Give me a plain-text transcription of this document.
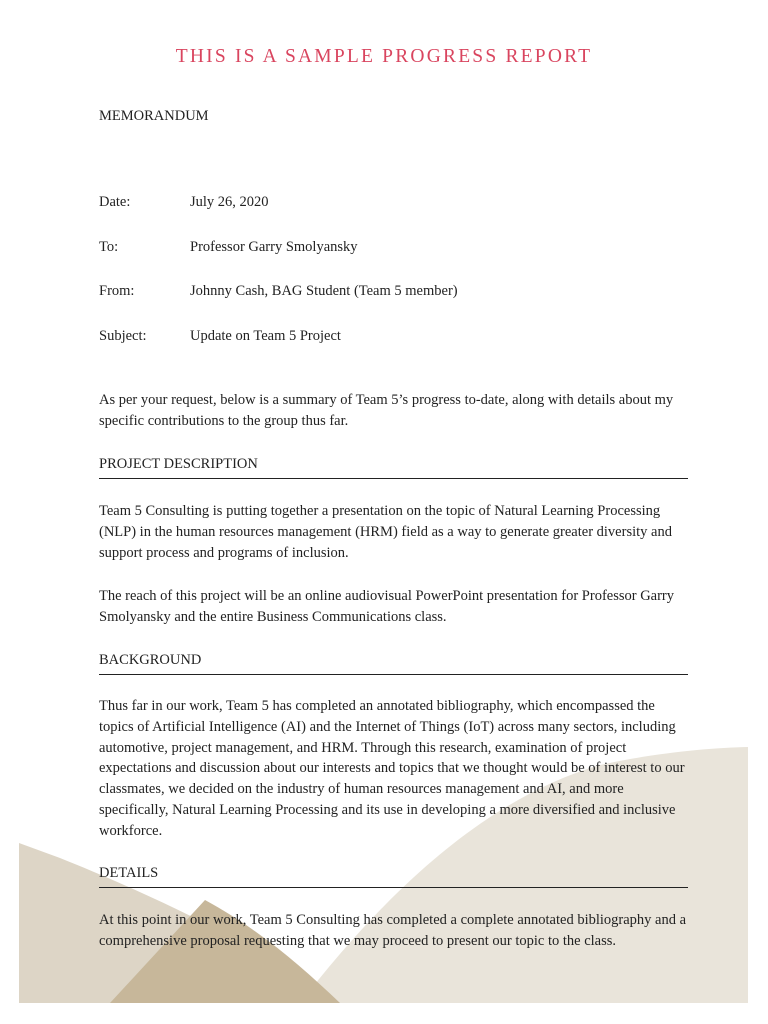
THIS IS A SAMPLE PROGRESS REPORT
MEMORANDUM
Date:	July 26, 2020
To:	Professor Garry Smolyansky
From:	Johnny Cash, BAG Student (Team 5 member)
Subject:	Update on Team 5 Project

As per your request, below is a summary of Team 5’s progress to-date, along with details about my specific contributions to the group thus far.

PROJECT DESCRIPTION

Team 5 Consulting is putting together a presentation on the topic of Natural Learning Processing (NLP) in the human resources management (HRM) field as a way to generate greater diversity and support process and programs of inclusion.

The reach of this project will be an online audiovisual PowerPoint presentation for Professor Garry Smolyansky and the entire Business Communications class.

BACKGROUND

Thus far in our work, Team 5 has completed an annotated bibliography, which encompassed the topics of Artificial Intelligence (AI) and the Internet of Things (IoT) across many sectors, including automotive, project management, and HRM. Through this research, examination of project expectations and discussion about our interests and topics that we thought would be of interest to our classmates, we decided on the industry of human resources management and AI, and more specifically, Natural Learning Processing and its use in developing a more diversified and inclusive workforce.

DETAILS

At this point in our work, Team 5 Consulting has completed a complete annotated bibliography and a comprehensive proposal requesting that we may proceed to present our topic to the class.
